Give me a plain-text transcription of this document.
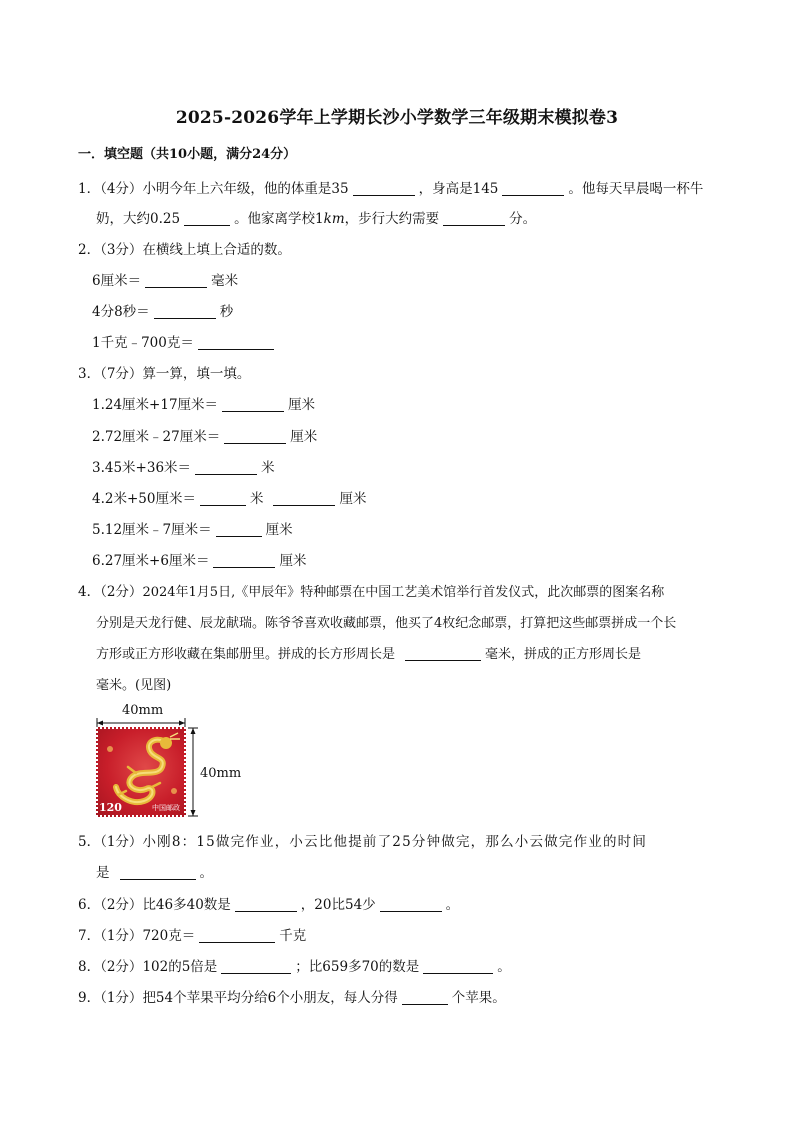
2025-2026学年上学期长沙小学数学三年级期末模拟卷3
一．填空题（共10小题，满分24分）
1．（4分）小明今年上六年级，他的体重是35	，身高是145	。他每天早晨喝一杯牛
奶，大约0.25	。他家离学校1km，步行大约需要	分。
2．（3分）在横线上填上合适的数。
6厘米＝	毫米
4分8秒＝	秒
1千克﹣700克＝
3．（7分）算一算，填一填。
1.24厘米+17厘米＝	厘米
2.72厘米﹣27厘米＝	厘米
3.45米+36米＝	米
4.2米+50厘米＝	米	厘米
5.12厘米﹣7厘米＝	厘米
6.27厘米+6厘米＝	厘米
4．（2分）2024年1月5日,《甲辰年》特种邮票在中国工艺美术馆举行首发仪式，此次邮票的图案名称
分别是天龙行健、辰龙献瑞。陈爷爷喜欢收藏邮票，他买了4枚纪念邮票，打算把这些邮票拼成一个长
方形或正方形收藏在集邮册里。拼成的长方形周长是	毫米，拼成的正方形周长是
毫米。(见图)
40mm
120	中国邮政
40mm
5．（1分）小刚8：15做完作业，小云比他提前了25分钟做完，那么小云做完作业的时间
是	。
6．（2分）比46多40数是	，20比54少	。
7．（1分）720克＝	千克
8．（2分）102的5倍是	；比659多70的数是	。
9．（1分）把54个苹果平均分给6个小朋友，每人分得	个苹果。
